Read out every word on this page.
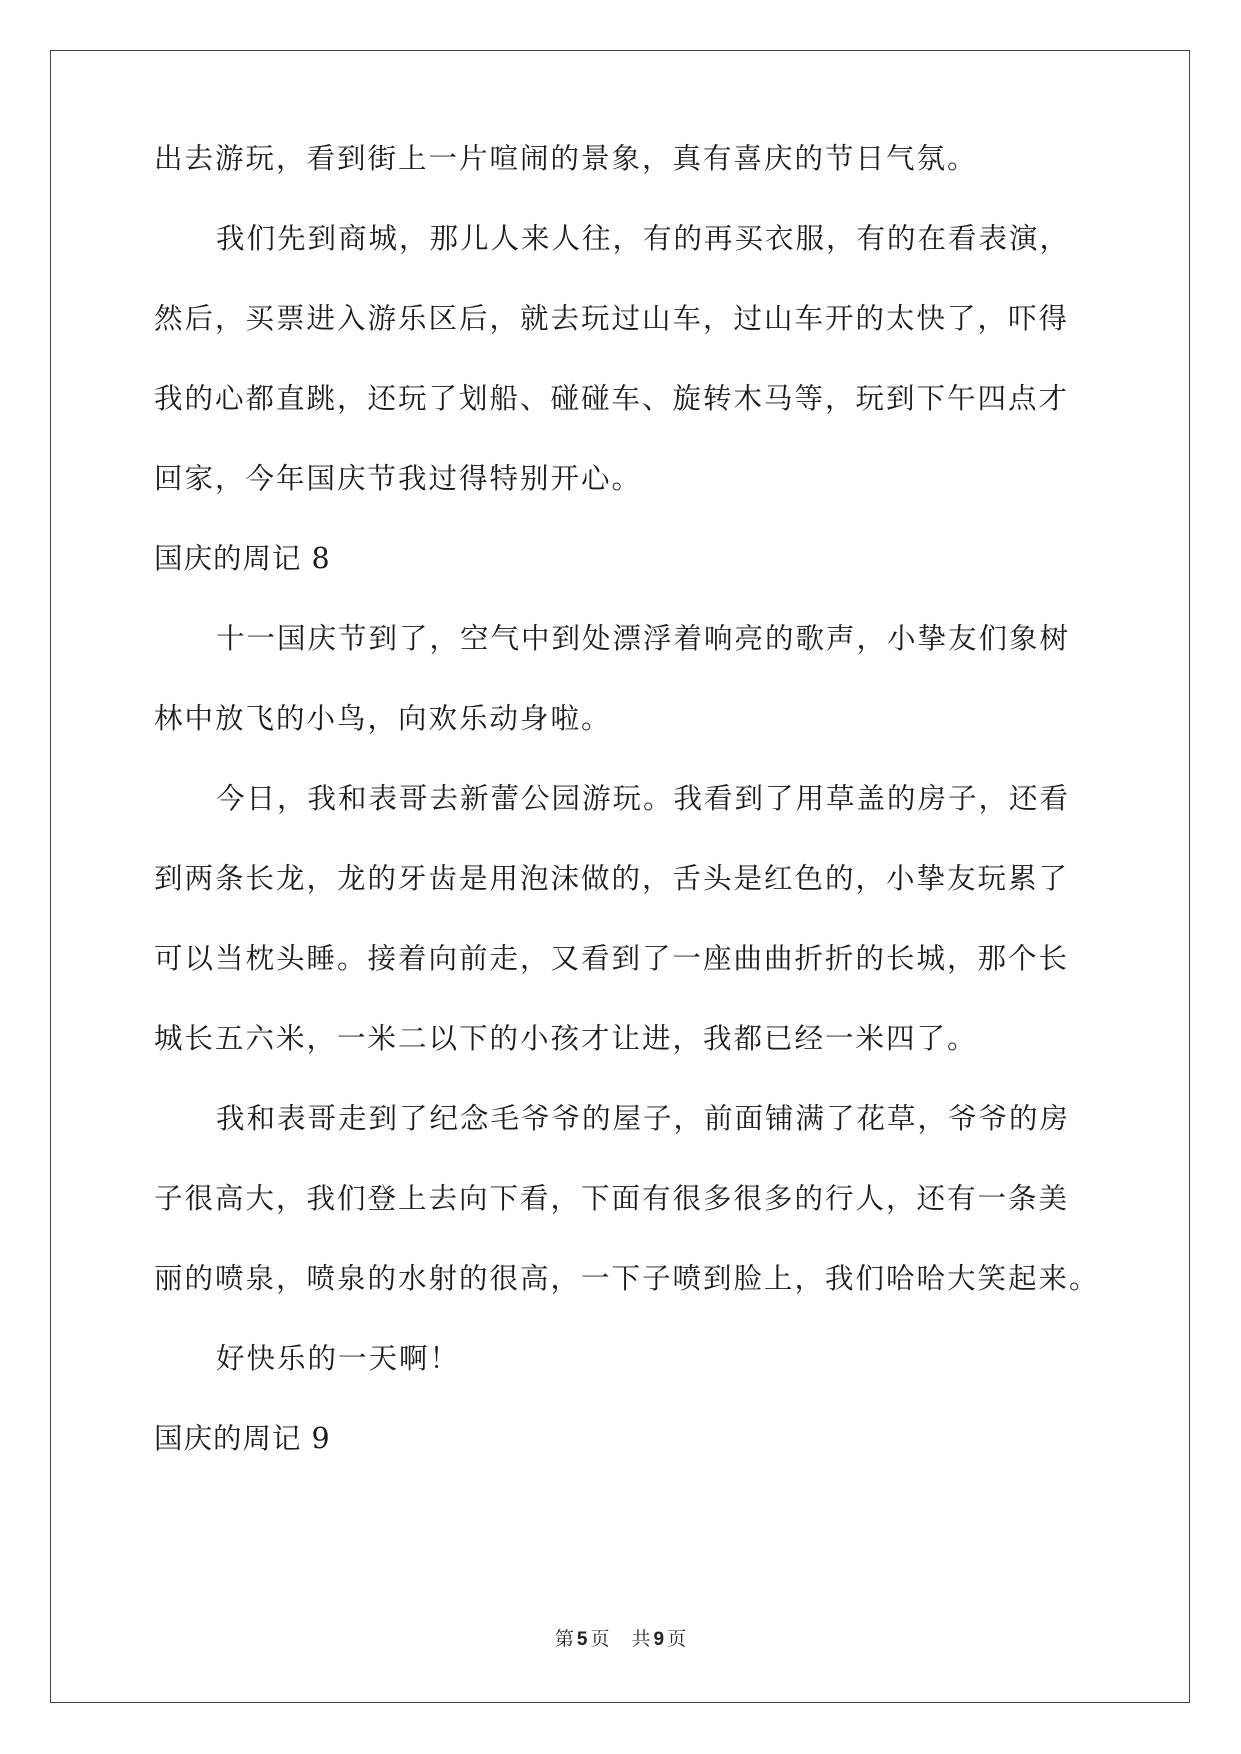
出去游玩，看到街上一片喧闹的景象，真有喜庆的节日气氛。

我们先到商城，那儿人来人往，有的再买衣服，有的在看表演，

然后，买票进入游乐区后，就去玩过山车，过山车开的太快了，吓得

我的心都直跳，还玩了划船、碰碰车、旋转木马等，玩到下午四点才

回家，今年国庆节我过得特别开心。

国庆的周记 8

十一国庆节到了，空气中到处漂浮着响亮的歌声，小挚友们象树

林中放飞的小鸟，向欢乐动身啦。

今日，我和表哥去新蕾公园游玩。我看到了用草盖的房子，还看

到两条长龙，龙的牙齿是用泡沫做的，舌头是红色的，小挚友玩累了

可以当枕头睡。接着向前走，又看到了一座曲曲折折的长城，那个长

城长五六米，一米二以下的小孩才让进，我都已经一米四了。

我和表哥走到了纪念毛爷爷的屋子，前面铺满了花草，爷爷的房

子很高大，我们登上去向下看，下面有很多很多的行人，还有一条美

丽的喷泉，喷泉的水射的很高，一下子喷到脸上，我们哈哈大笑起来。

好快乐的一天啊！

国庆的周记 9

第 5 页 共 9 页
